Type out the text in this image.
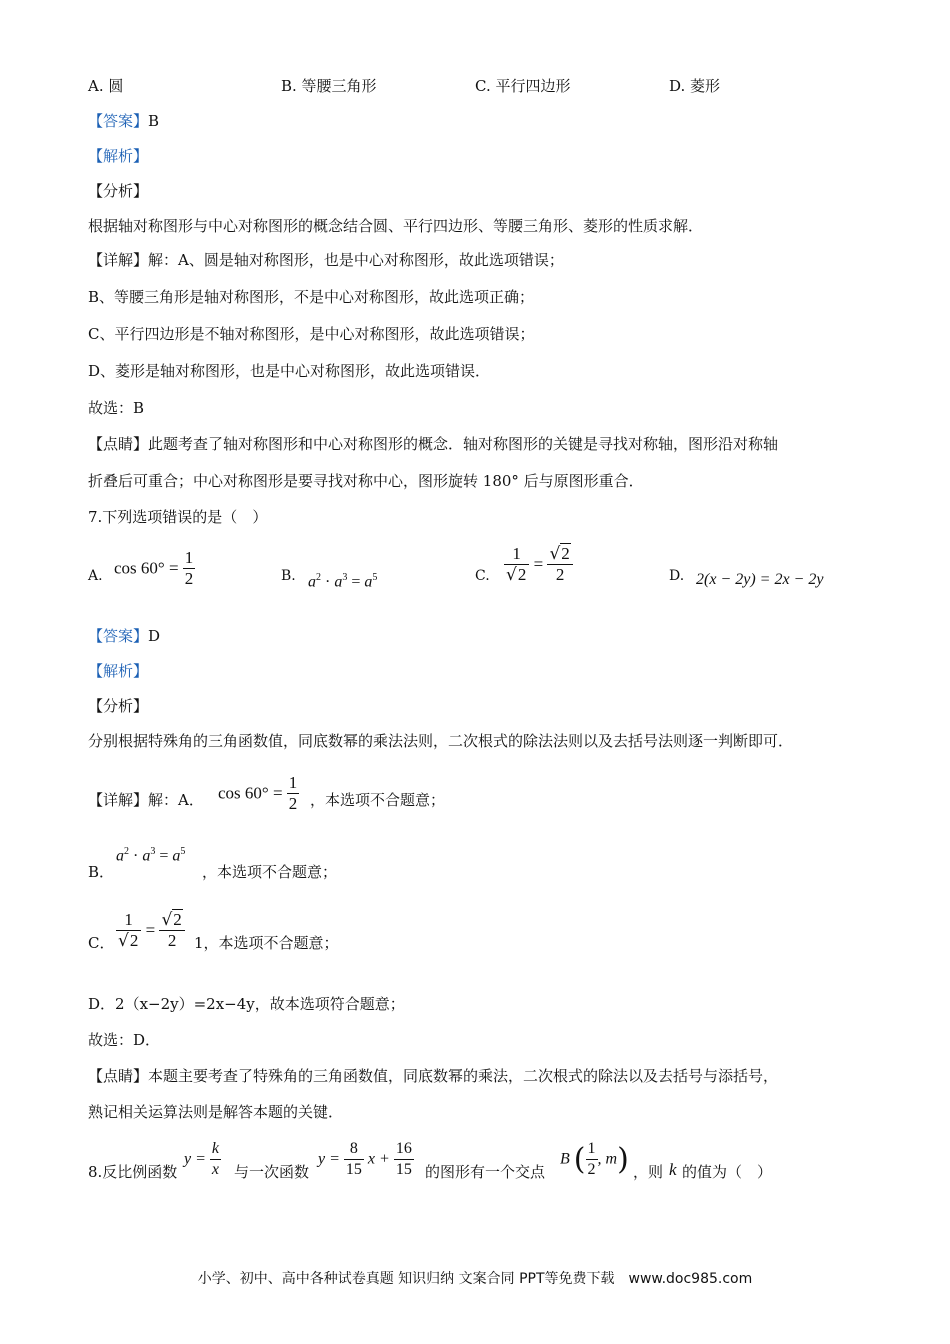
A. 圆	B. 等腰三角形	C. 平行四边形	D. 菱形
【答案】B
【解析】
【分析】
根据轴对称图形与中心对称图形的概念结合圆、平行四边形、等腰三角形、菱形的性质求解．
【详解】解：A、圆是轴对称图形，也是中心对称图形，故此选项错误；
B、等腰三角形是轴对称图形，不是中心对称图形，故此选项正确；
C、平行四边形是不轴对称图形，是中心对称图形，故此选项错误；
D、菱形是轴对称图形，也是中心对称图形，故此选项错误．
故选：B
【点睛】此题考查了轴对称图形和中心对称图形的概念．轴对称图形的关键是寻找对称轴，图形沿对称轴
折叠后可重合；中心对称图形是要寻找对称中心，图形旋转 180° 后与原图形重合．
7.下列选项错误的是（　）
A. $\cos 60^\circ = \frac{1}{2}$	B. $a^2 \cdot a^3 = a^5$	C. $\frac{1}{√2} = \frac{√2}{2}$	D. 2(x − 2y) = 2x − 2y
【答案】D
【解析】
【分析】
分别根据特殊角的三角函数值，同底数幂的乘法法则，二次根式的除法法则以及去括号法则逐一判断即可．
【详解】解：A． $\cos 60^\circ = \frac{1}{2}$ ，本选项不合题意；
B．
$a^2 \cdot a^3 = a^5$
，本选项不合题意；
C． $\frac{1}{√2} = \frac{√2}{2} 1$，本选项不合题意；
D．2（x−2y）=2x−4y，故本选项符合题意；
故选：D．
【点睛】本题主要考查了特殊角的三角函数值，同底数幂的乘法，二次根式的除法以及去括号与添括号，
熟记相关运算法则是解答本题的关键．
8.反比例函数
$y = \frac{k}{x}$ 与一次函数
$y = \frac{8}{15}$ $x + \frac{16}{15}$ 的图形有一个交点
B ( $\frac{1}{2}$ , m) ，则 k 的值为（　）
小学、初中、高中各种试卷真题 知识归纳 文案合同 PPT等免费下载　www.doc985.com
